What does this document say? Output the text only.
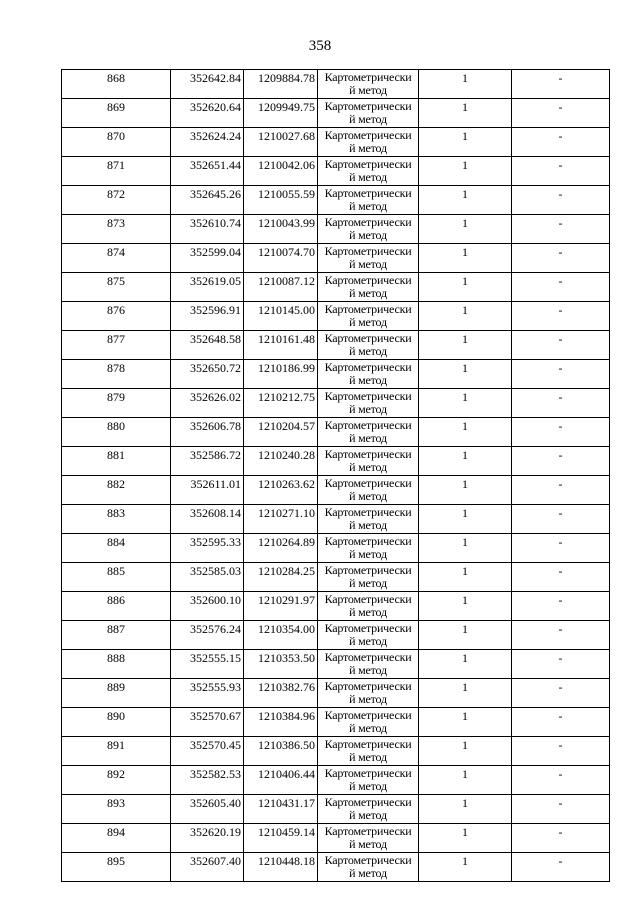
358
868	352642.84	1209884.78	Картометрически
й метод	1	-
869	352620.64	1209949.75	Картометрически
й метод	1	-
870	352624.24	1210027.68	Картометрически
й метод	1	-
871	352651.44	1210042.06	Картометрически
й метод	1	-
872	352645.26	1210055.59	Картометрически
й метод	1	-
873	352610.74	1210043.99	Картометрически
й метод	1	-
874	352599.04	1210074.70	Картометрически
й метод	1	-
875	352619.05	1210087.12	Картометрически
й метод	1	-
876	352596.91	1210145.00	Картометрически
й метод	1	-
877	352648.58	1210161.48	Картометрически
й метод	1	-
878	352650.72	1210186.99	Картометрически
й метод	1	-
879	352626.02	1210212.75	Картометрически
й метод	1	-
880	352606.78	1210204.57	Картометрически
й метод	1	-
881	352586.72	1210240.28	Картометрически
й метод	1	-
882	352611.01	1210263.62	Картометрически
й метод	1	-
883	352608.14	1210271.10	Картометрически
й метод	1	-
884	352595.33	1210264.89	Картометрически
й метод	1	-
885	352585.03	1210284.25	Картометрически
й метод	1	-
886	352600.10	1210291.97	Картометрически
й метод	1	-
887	352576.24	1210354.00	Картометрически
й метод	1	-
888	352555.15	1210353.50	Картометрически
й метод	1	-
889	352555.93	1210382.76	Картометрически
й метод	1	-
890	352570.67	1210384.96	Картометрически
й метод	1	-
891	352570.45	1210386.50	Картометрически
й метод	1	-
892	352582.53	1210406.44	Картометрически
й метод	1	-
893	352605.40	1210431.17	Картометрически
й метод	1	-
894	352620.19	1210459.14	Картометрически
й метод	1	-
895	352607.40	1210448.18	Картометрически
й метод	1	-
